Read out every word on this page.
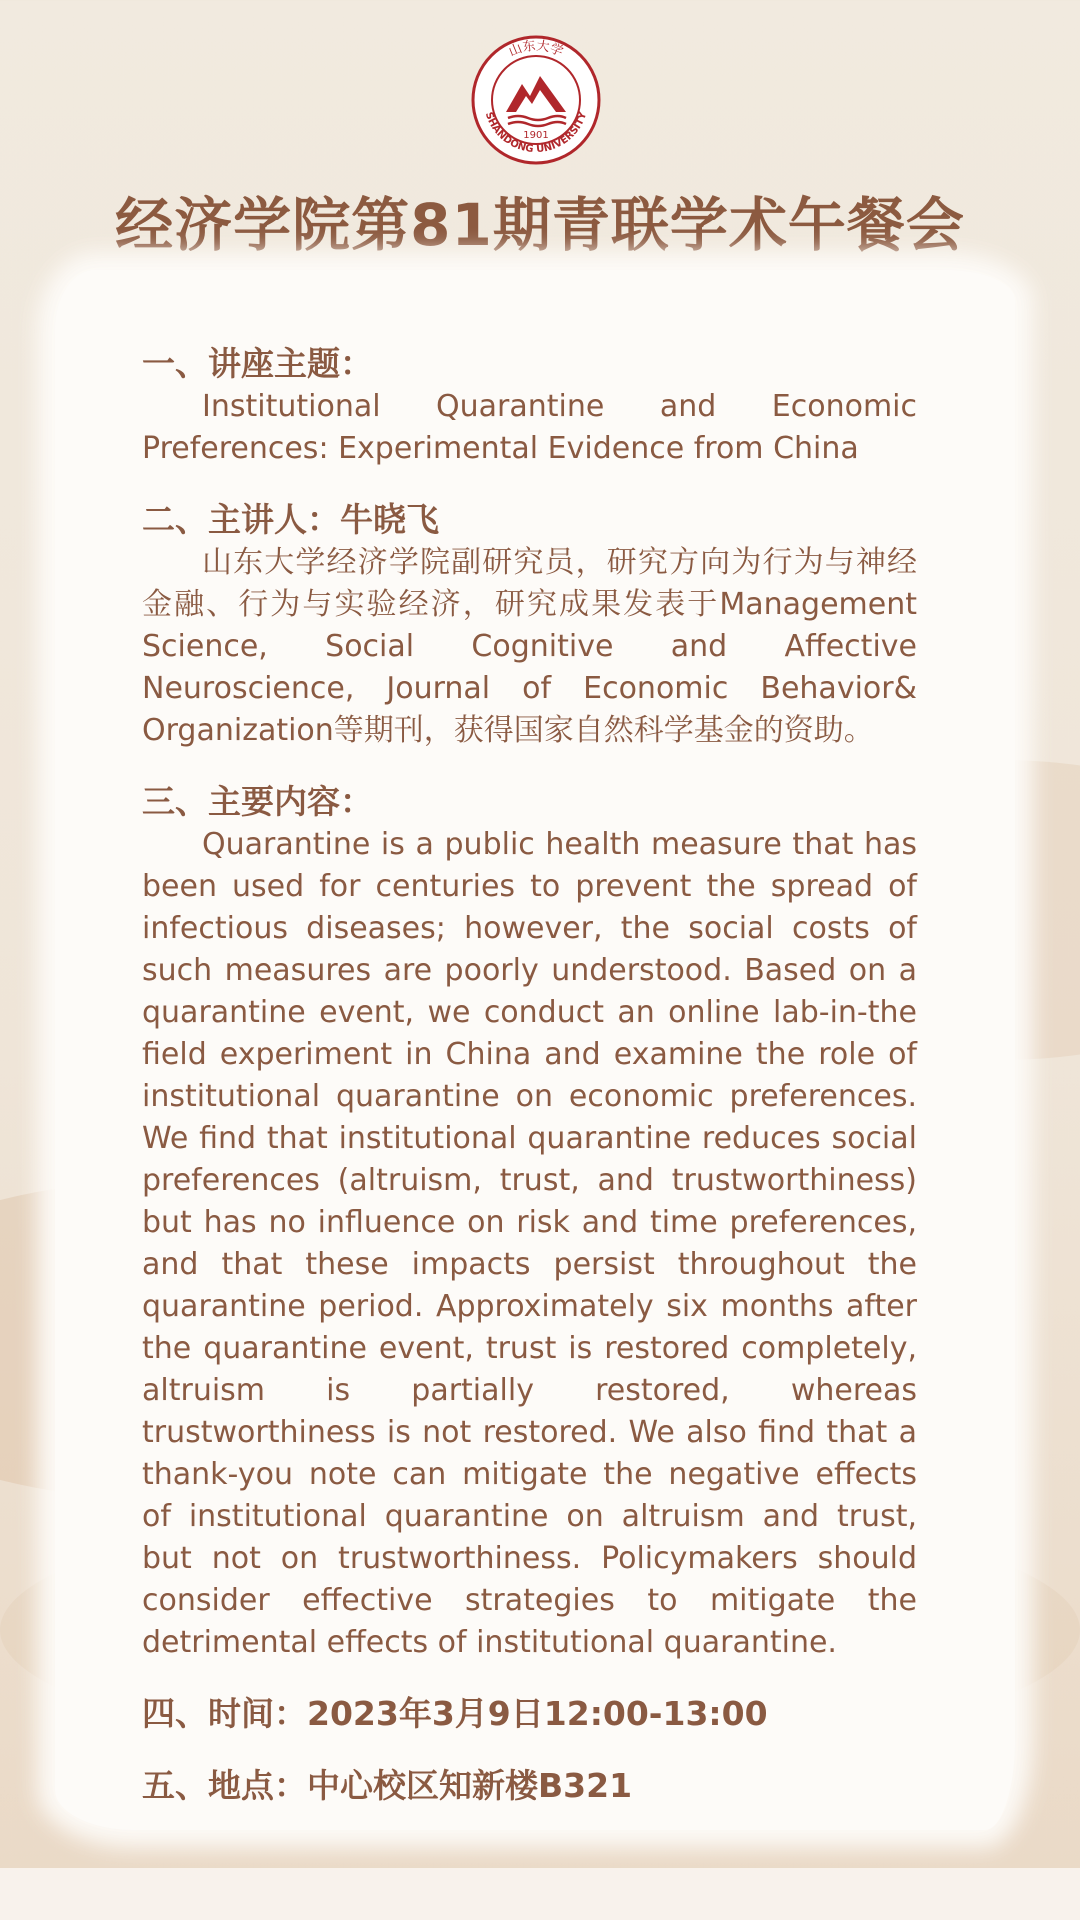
山东大学
SHANDONG UNIVERSITY
1901
经济学院第81期青联学术午餐会
一、讲座主题：
Institutional Quarantine and Economic Preferences: Experimental Evidence from China
二、主讲人：牛晓飞
山东大学经济学院副研究员，研究方向为行为与神经金融、行为与实验经济，研究成果发表于Management Science, Social Cognitive and Affective Neuroscience, Journal of Economic Behavior& Organization等期刊，获得国家自然科学基金的资助。
三、主要内容：
Quarantine is a public health measure that has been used for centuries to prevent the spread of infectious diseases; however, the social costs of such measures are poorly understood. Based on a quarantine event, we conduct an online lab-in-the field experiment in China and examine the role of institutional quarantine on economic preferences. We find that institutional quarantine reduces social preferences (altruism, trust, and trustworthiness) but has no influence on risk and time preferences, and that these impacts persist throughout the quarantine period. Approximately six months after the quarantine event, trust is restored completely, altruism is partially restored, whereas trustworthiness is not restored. We also find that a thank-you note can mitigate the negative effects of institutional quarantine on altruism and trust, but not on trustworthiness. Policymakers should consider effective strategies to mitigate the detrimental effects of institutional quarantine.
四、时间：2023年3月9日12:00-13:00
五、地点：中心校区知新楼B321
